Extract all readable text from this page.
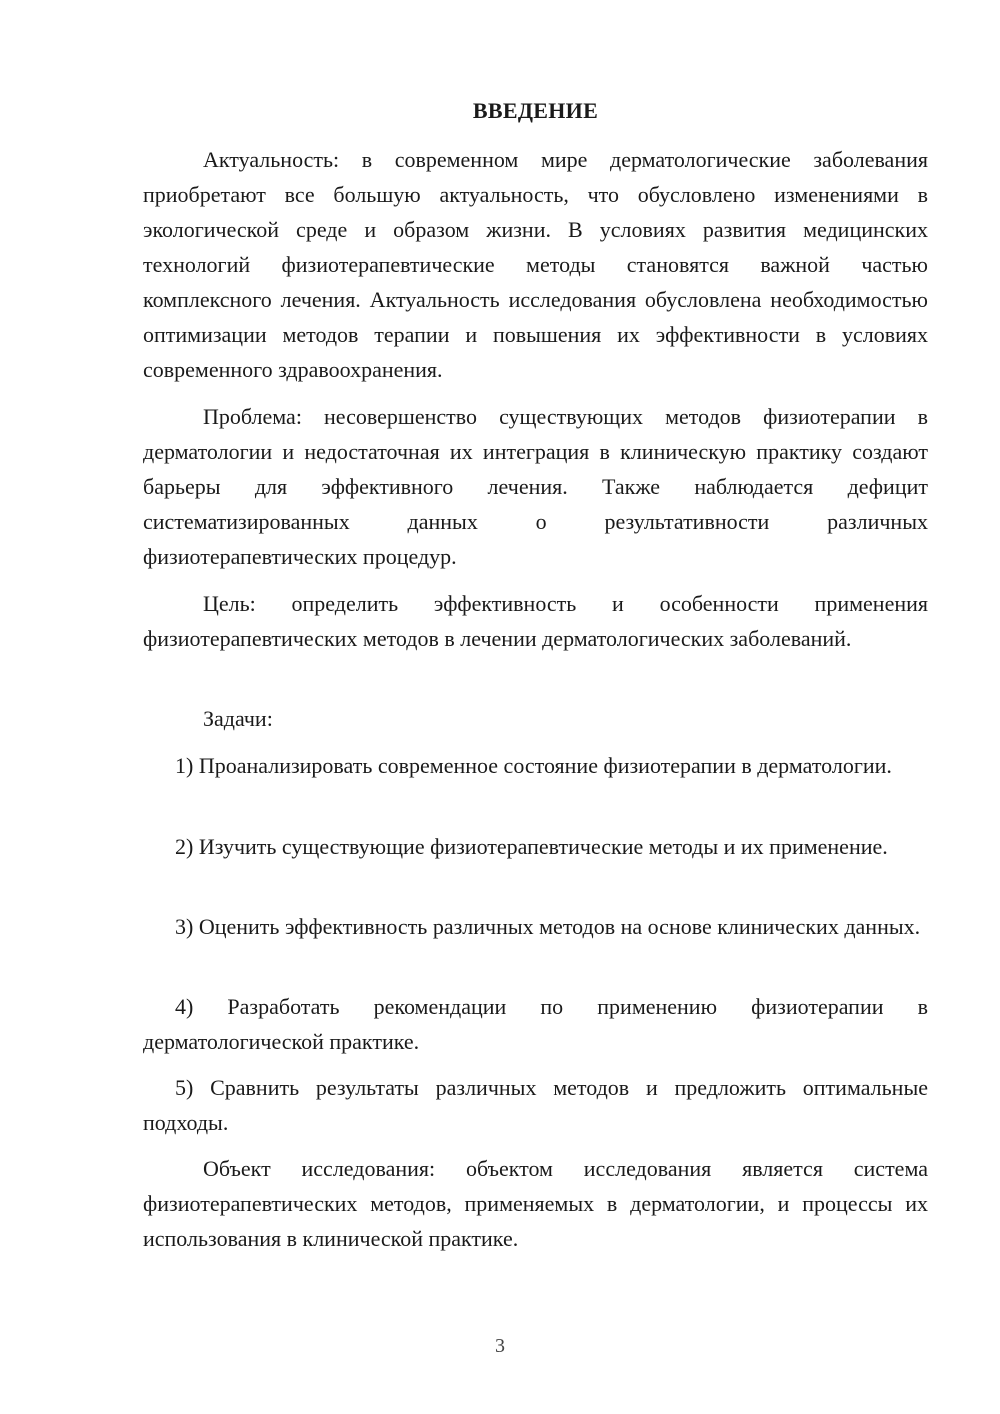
ВВЕДЕНИЕ

Актуальность: в современном мире дерматологические заболевания приобретают все большую актуальность, что обусловлено изменениями в экологической среде и образом жизни. В условиях развития медицинских технологий физиотерапевтические методы становятся важной частью комплексного лечения. Актуальность исследования обусловлена необходимостью оптимизации методов терапии и повышения их эффективности в условиях современного здравоохранения.

Проблема: несовершенство существующих методов физиотерапии в дерматологии и недостаточная их интеграция в клиническую практику создают барьеры для эффективного лечения. Также наблюдается дефицит систематизированных данных о результативности различных физиотерапевтических процедур.

Цель: определить эффективность и особенности применения физиотерапевтических методов в лечении дерматологических заболеваний.

Задачи:

1) Проанализировать современное состояние физиотерапии в дерматологии.

2) Изучить существующие физиотерапевтические методы и их применение.

3) Оценить эффективность различных методов на основе клинических данных.

4) Разработать рекомендации по применению физиотерапии в дерматологической практике.

5) Сравнить результаты различных методов и предложить оптимальные подходы.

Объект исследования: объектом исследования является система физиотерапевтических методов, применяемых в дерматологии, и процессы их использования в клинической практике.

3
